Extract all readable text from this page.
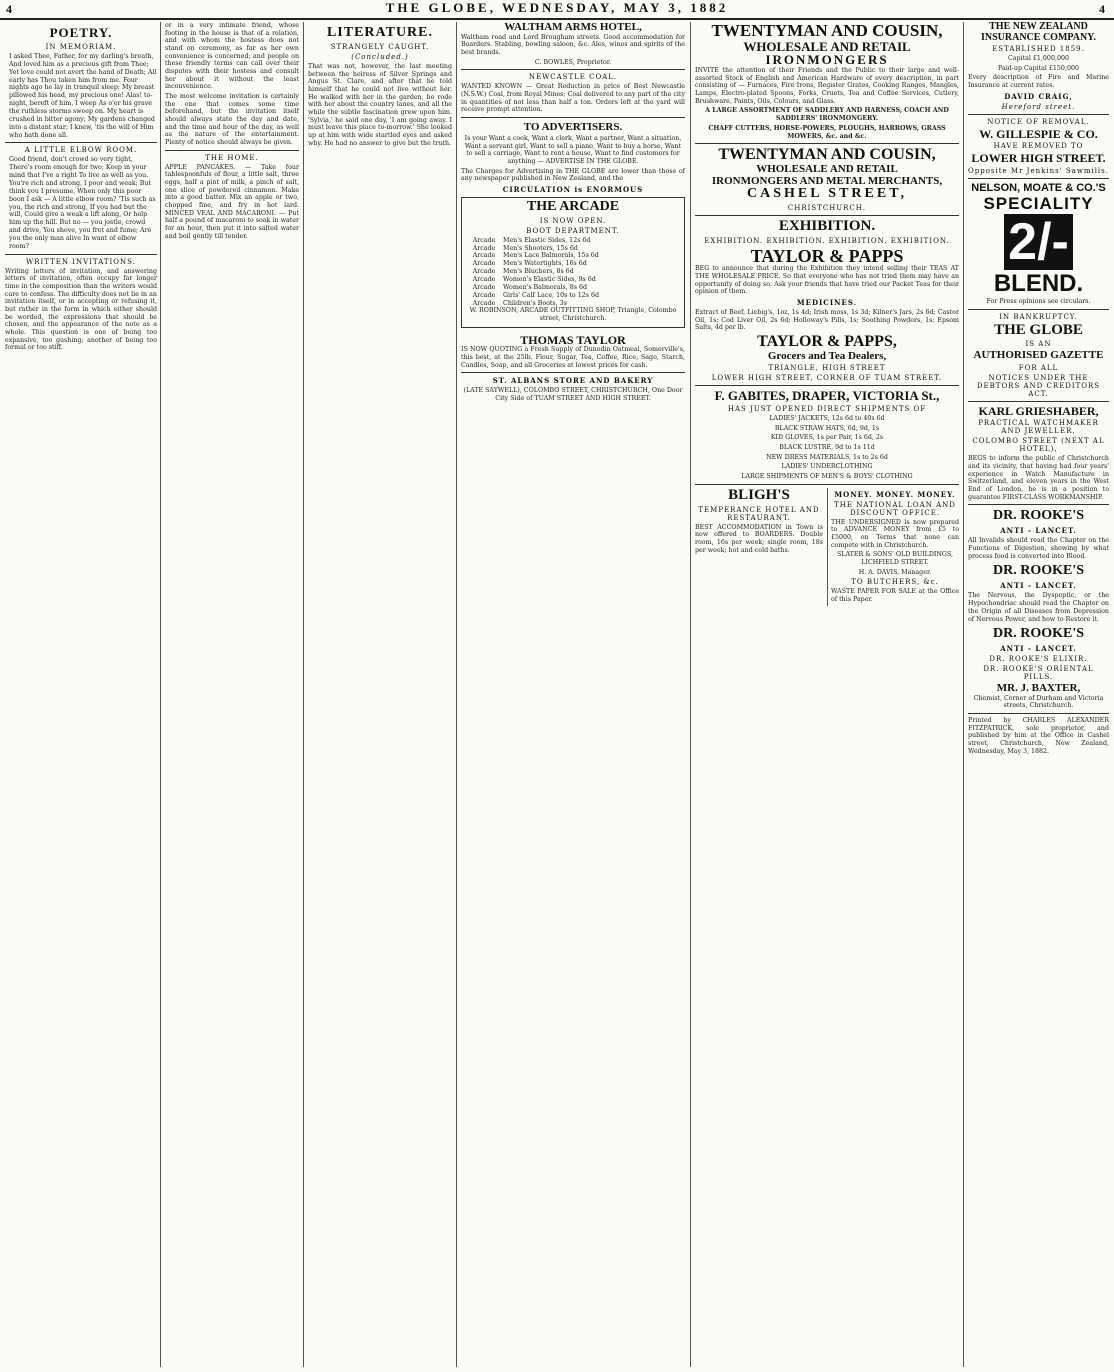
4	THE GLOBE, WEDNESDAY, MAY 3, 1882	4
POETRY.
IN MEMORIAM.

I asked Thee, Father, for my darling's breath, And loved him as a precious gift from Thee; Yet love could not avert the hand of Death; All early has Thou taken him from me. Four nights ago he lay in tranquil sleep; My breast pillowed his head, my precious one! Alas! to-night, bereft of him, I weep As o'er his grave the ruthless storms sweep on. My heart is crushed in bitter agony; My gardens changed into a distant star; I knew, 'tis the will of Him who hath done all.

A LITTLE ELBOW ROOM.

Good friend, don't crowd so very tight, There's room enough for two; Keep in your mind that I've a right To live as well as you. You're rich and strong, I poor and weak; But think you I presume, When only this poor boon I ask — A little elbow room? 'Tis such as you, the rich and strong, If you had but the will, Could give a weak a lift along, Or help him up the hill. But no — you jostle, crowd and drive, You shove, you fret and fume; Are you the only man alive In want of elbow room?

WRITTEN INVITATIONS.

Writing letters of invitation, and answering letters of invitation, often occupy far longer time in the composition than the writers would care to confess. The difficulty does not lie in an invitation itself, or in accepting or refusing it, but rather in the form in which either should be worded, the expressions that should be chosen, and the appearance of the note as a whole. This question is one of being too expansive, too gushing; another of being too formal or too stiff.

or in a very intimate friend, whose footing in the house is that of a relation, and with whom the hostess does not stand on ceremony, as far as her own convenience is concerned; and people on these friendly terms can call over their disputes with their hostess and consult her about it without the least inconvenience.

The most welcome invitation is certainly the one that comes some time beforehand, but the invitation itself should always state the day and date, and the time and hour of the day, as well as the nature of the entertainment. Plenty of notice should always be given.

THE HOME.

APPLE PANCAKES. — Take four tablespoonfuls of flour, a little salt, three eggs, half a pint of milk, a pinch of salt, one slice of powdered cinnamon. Make into a good batter. Mix an apple or two, chopped fine, and fry in hot lard. MINCED VEAL AND MACARONI. — Put half a pound of macaroni to soak in water for an hour, then put it into salted water and boil gently till tender.

LITERATURE.
STRANGELY CAUGHT.
(Concluded.)

That was not, however, the last meeting between the heiress of Silver Springs and Angus St. Clare, and after that he told himself that he could not live without her. He walked with her in the garden, he rode with her about the country lanes, and all the while the subtle fascination grew upon him. 'Sylvia,' he said one day, 'I am going away. I must leave this place to-morrow.' She looked up at him with wide startled eyes and asked why. He had no answer to give but the truth.

WALTHAM ARMS HOTEL,

Waltham road and Lord Brougham streets. Good accommodation for Boarders. Stabling, bowling saloon, &c. Ales, wines and spirits of the best brands.

C. BOWLES, Proprietor.

NEWCASTLE COAL.

WANTED KNOWN — Great Reduction in price of Best Newcastle (N.S.W.) Coal, from Royal Mines; Coal delivered to any part of the city in quantities of not less than half a ton. Orders left at the yard will receive prompt attention.

TO ADVERTISERS.

Is your Want a cook, Want a clerk, Want a partner, Want a situation, Want a servant girl, Want to sell a piano, Want to buy a horse, Want to sell a carriage, Want to rent a house, Want to find customers for anything — ADVERTISE IN THE GLOBE.

The Charges for Advertising in THE GLOBE are lower than those of any newspaper published in New Zealand, and the

CIRCULATION is ENORMOUS
THE ARCADE
IS NOW OPEN.
BOOT DEPARTMENT.
Arcade	Men's Elastic Sides, 12s 6d
Arcade	Men's Shooters, 15s 6d
Arcade	Men's Lace Balmorals, 15s 6d
Arcade	Men's Watertights, 16s 6d
Arcade	Men's Bluchers, 8s 6d
Arcade	Women's Elastic Sides, 9s 6d
Arcade	Women's Balmorals, 8s 6d
Arcade	Girls' Calf Lace, 10s to 12s 6d
Arcade	Children's Boots, 3s

W. ROBINSON, ARCADE OUTFITTING SHOP, Triangle, Colombo street, Christchurch.

THOMAS TAYLOR

IS NOW QUOTING a Fresh Supply of Dunedin Oatmeal, Somerville's, this best, at the 25lb. Flour, Sugar, Tea, Coffee, Rice, Sago, Starch, Candles, Soap, and all Groceries at lowest prices for cash.

ST. ALBANS STORE AND BAKERY

(LATE SAYWELL), COLOMBO STREET, CHRISTCHURCH, One Door City Side of TUAM STREET AND HIGH STREET.

TWENTYMAN AND COUSIN,
WHOLESALE AND RETAIL
IRONMONGERS

INVITE the attention of their Friends and the Public to their large and well-assorted Stock of English and American Hardware of every description, in part consisting of — Furnaces, Fire Irons, Register Grates, Cooking Ranges, Mangles, Lamps, Electro-plated Spoons, Forks, Cruets, Tea and Coffee Services, Cutlery, Brushware, Paints, Oils, Colours, and Glass.

A LARGE ASSORTMENT OF SADDLERY AND HARNESS, COACH AND SADDLERS' IRONMONGERY.

CHAFF CUTTERS, HORSE-POWERS, PLOUGHS, HARROWS, GRASS MOWERS, &c. and &c.

TWENTYMAN AND COUSIN,
WHOLESALE AND RETAIL
IRONMONGERS AND METAL MERCHANTS,
CASHEL STREET,
CHRISTCHURCH.
EXHIBITION.
EXHIBITION. EXHIBITION. EXHIBITION. EXHIBITION.
TAYLOR & PAPPS

BEG to announce that during the Exhibition they intend selling their TEAS AT THE WHOLESALE PRICE. So that everyone who has not tried them may have an opportunity of doing so. Ask your friends that have tried our Packet Teas for their opinion of them.

MEDICINES.

Extract of Beef, Liebig's, 1oz, 1s 4d; Irish moss, 1s 3d; Kilner's Jars, 2s 6d; Castor Oil, 1s; Cod Liver Oil, 2s 6d; Holloway's Pills, 1s; Soothing Powders, 1s; Epsom Salts, 4d per lb.

TAYLOR & PAPPS,
Grocers and Tea Dealers,
TRIANGLE, HIGH STREET
LOWER HIGH STREET, CORNER OF TUAM STREET.
F. GABITES, DRAPER, VICTORIA St.,
HAS JUST OPENED DIRECT SHIPMENTS OF
LADIES' JACKETS, 12s 6d to 40s 6d
BLACK STRAW HATS, 6d, 9d, 1s
KID GLOVES, 1s per Pair, 1s 6d, 2s
BLACK LUSTRE, 9d to 1s 11d
NEW DRESS MATERIALS, 1s to 2s 6d
LADIES' UNDERCLOTHING
LARGE SHIPMENTS OF MEN'S & BOYS' CLOTHING
BLIGH'S
TEMPERANCE HOTEL AND RESTAURANT.

BEST ACCOMMODATION in Town is now offered to BOARDERS. Double room, 16s per week; single room, 18s per week; hot and cold baths.

MONEY. MONEY. MONEY.
THE NATIONAL LOAN AND DISCOUNT OFFICE.

THE UNDERSIGNED is now prepared to ADVANCE MONEY from £5 to £5000, on Terms that none can compete with in Christchurch.

SLATER & SONS' OLD BUILDINGS, LICHFIELD STREET.

H. A. DAVIS, Manager.

TO BUTCHERS, &c.

WASTE PAPER FOR SALE at the Office of this Paper.

THE NEW ZEALAND INSURANCE COMPANY.
ESTABLISHED 1859.
Capital £1,000,000
Paid-up Capital £150,000

Every description of Fire and Marine Insurance at current rates.

DAVID CRAIG,
Hereford street.
NOTICE OF REMOVAL.
W. GILLESPIE & CO.
HAVE REMOVED TO
LOWER HIGH STREET.
Opposite Mr Jenkins' Sawmills.
NELSON, MOATE & CO.'S
SPECIALITY
2/-
BLEND.
For Press opinions see circulars.
IN BANKRUPTCY.
THE GLOBE
IS AN
AUTHORISED GAZETTE
FOR ALL
NOTICES UNDER THE DEBTORS AND CREDITORS ACT.
KARL GRIESHABER,
PRACTICAL WATCHMAKER AND JEWELLER,
COLOMBO STREET (NEXT AL HOTEL),

BEGS to inform the public of Christchurch and its vicinity, that having had four years' experience in Watch Manufacture in Switzerland, and eleven years in the West End of London, he is in a position to guarantee FIRST-CLASS WORKMANSHIP.

DR. ROOKE'S
ANTI - LANCET.

All Invalids should read the Chapter on the Functions of Digestion, showing by what process food is converted into Blood.

DR. ROOKE'S
ANTI - LANCET.

The Nervous, the Dyspeptic, or the Hypochondriac should read the Chapter on the Origin of all Diseases from Depression of Nervous Power, and how to Restore it.

DR. ROOKE'S
ANTI - LANCET.
DR. ROOKE'S ELIXIR.
DR. ROOKE'S ORIENTAL PILLS.
MR. J. BAXTER,

Chemist, Corner of Durham and Victoria streets, Christchurch.

Printed by CHARLES ALEXANDER FITZPATRICK, sole proprietor, and published by him at the Office in Cashel street, Christchurch, New Zealand, Wednesday, May 3, 1882.
